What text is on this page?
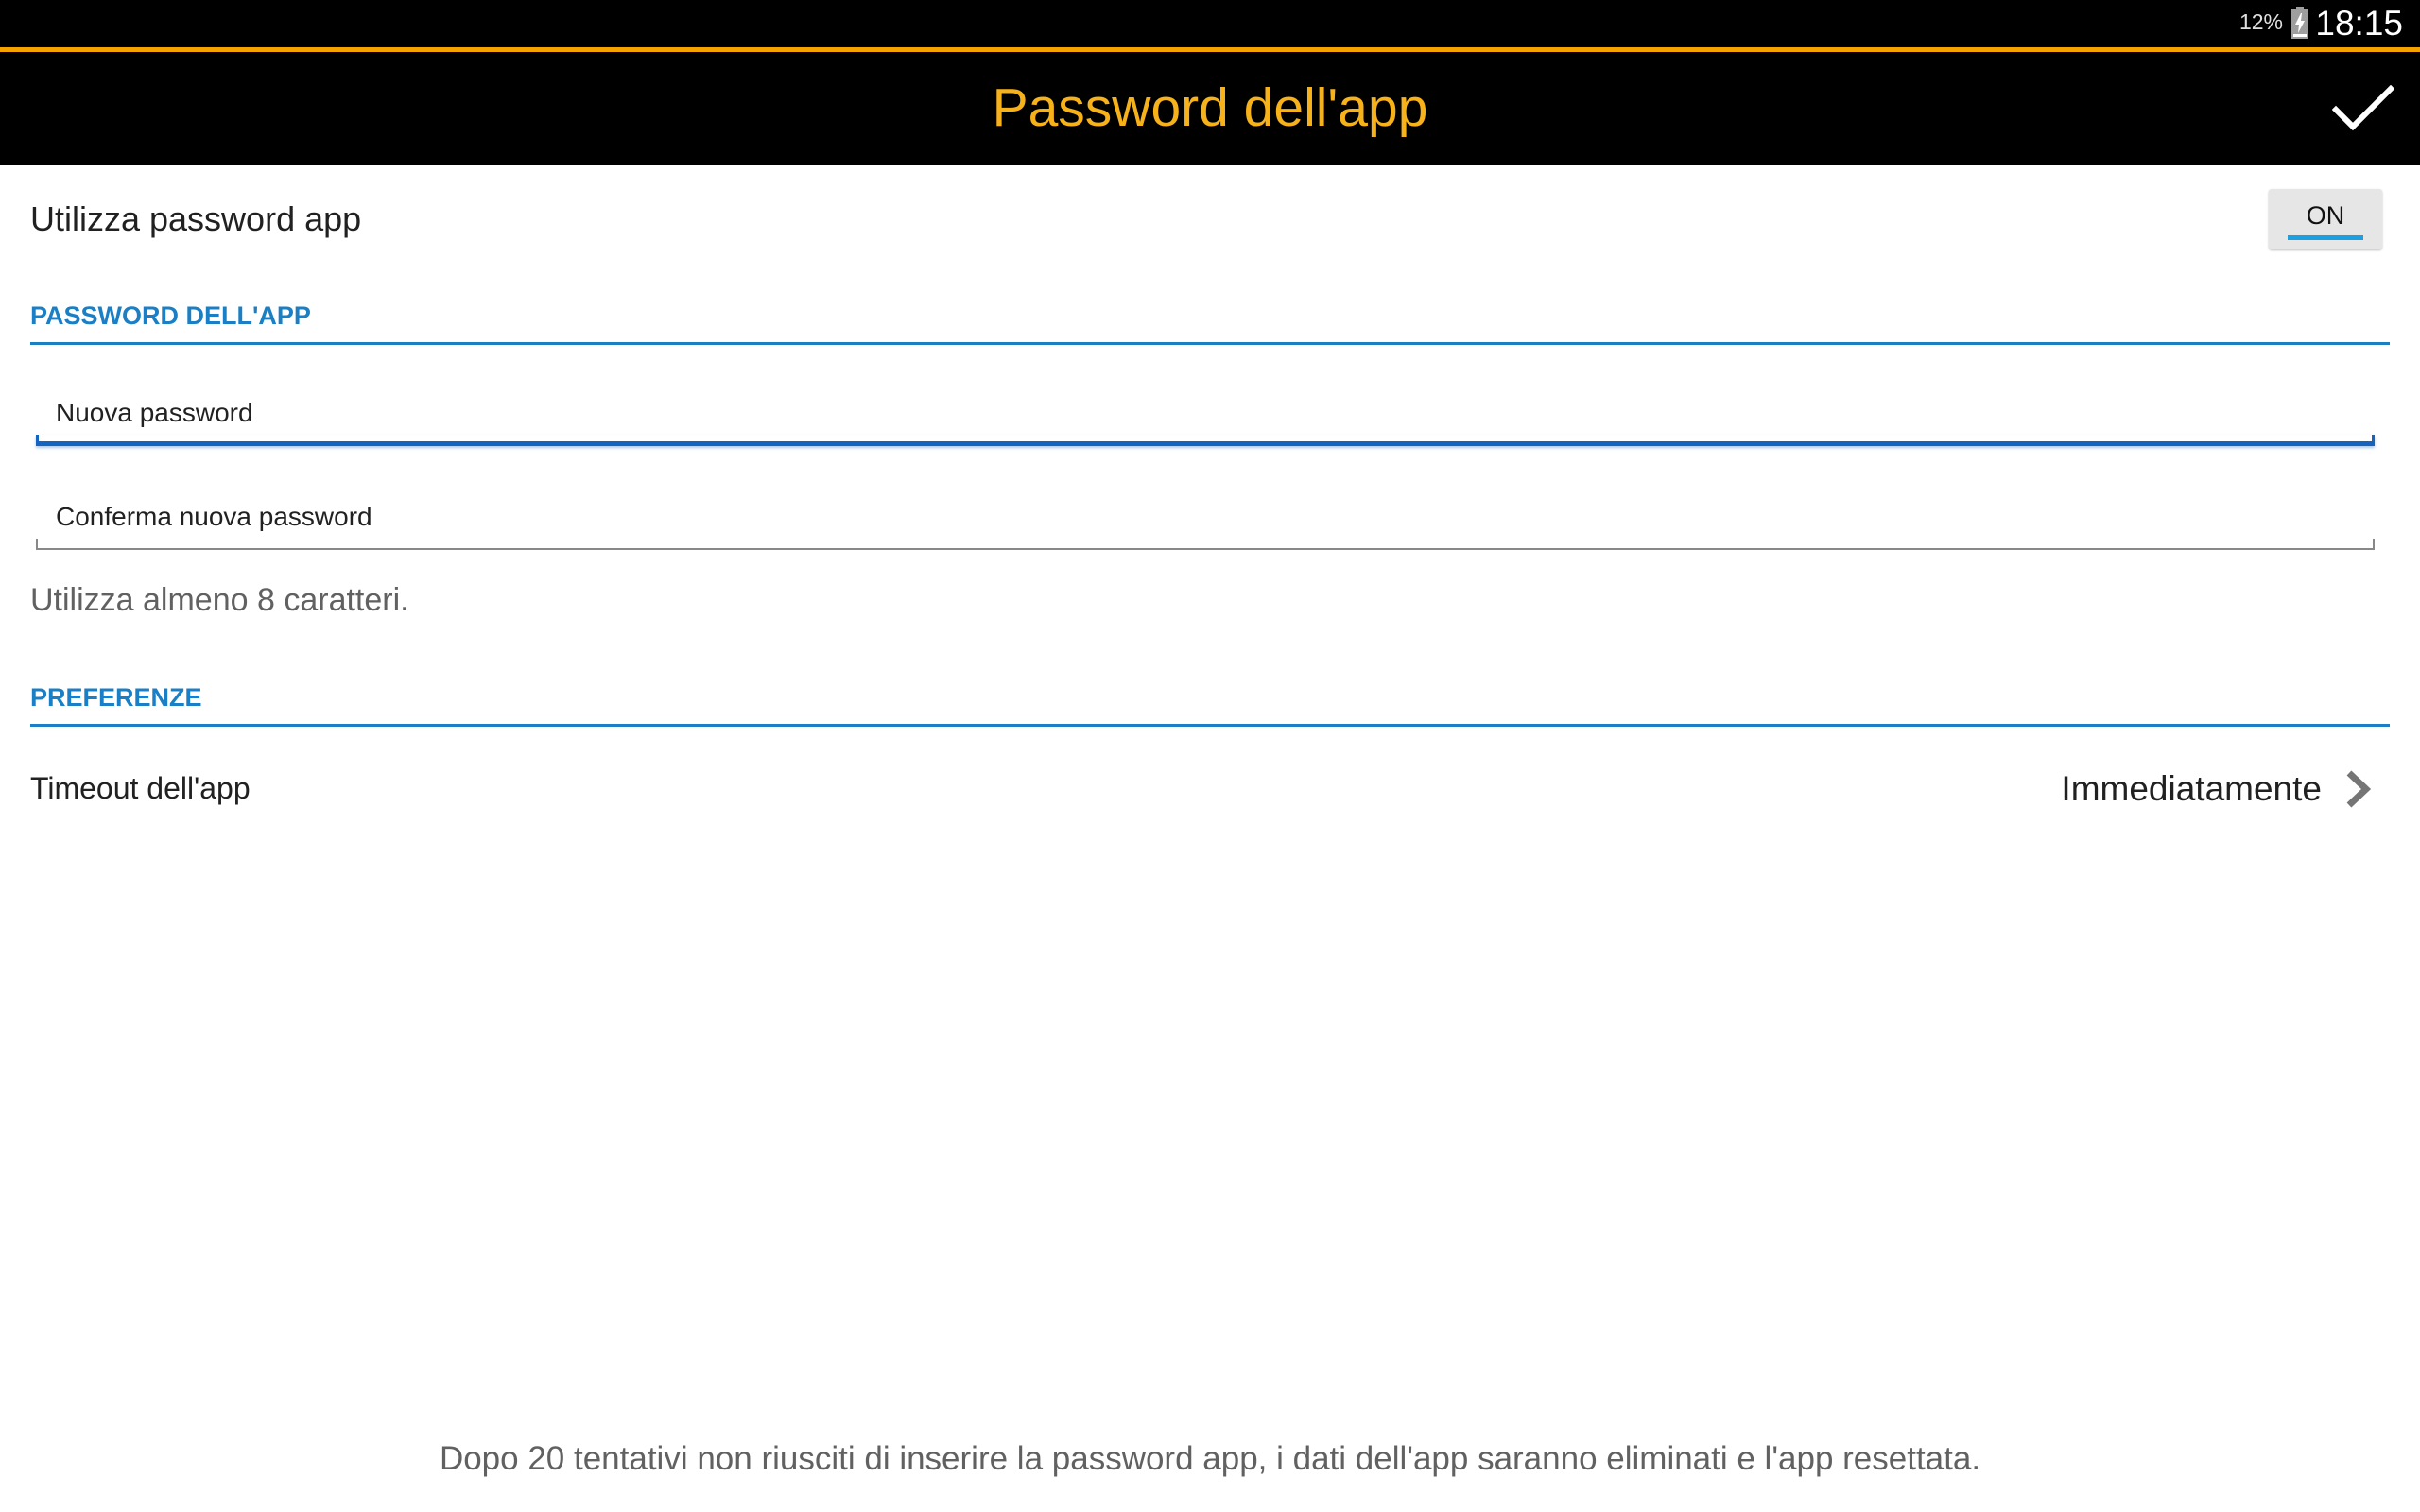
12% 18:15
Password dell'app
Utilizza password app	ON
PASSWORD DELL'APP
Utilizza almeno 8 caratteri.
PREFERENZE
Timeout dell'app	Immediatamente
Dopo 20 tentativi non riusciti di inserire la password app, i dati dell'app saranno eliminati e l'app resettata.
